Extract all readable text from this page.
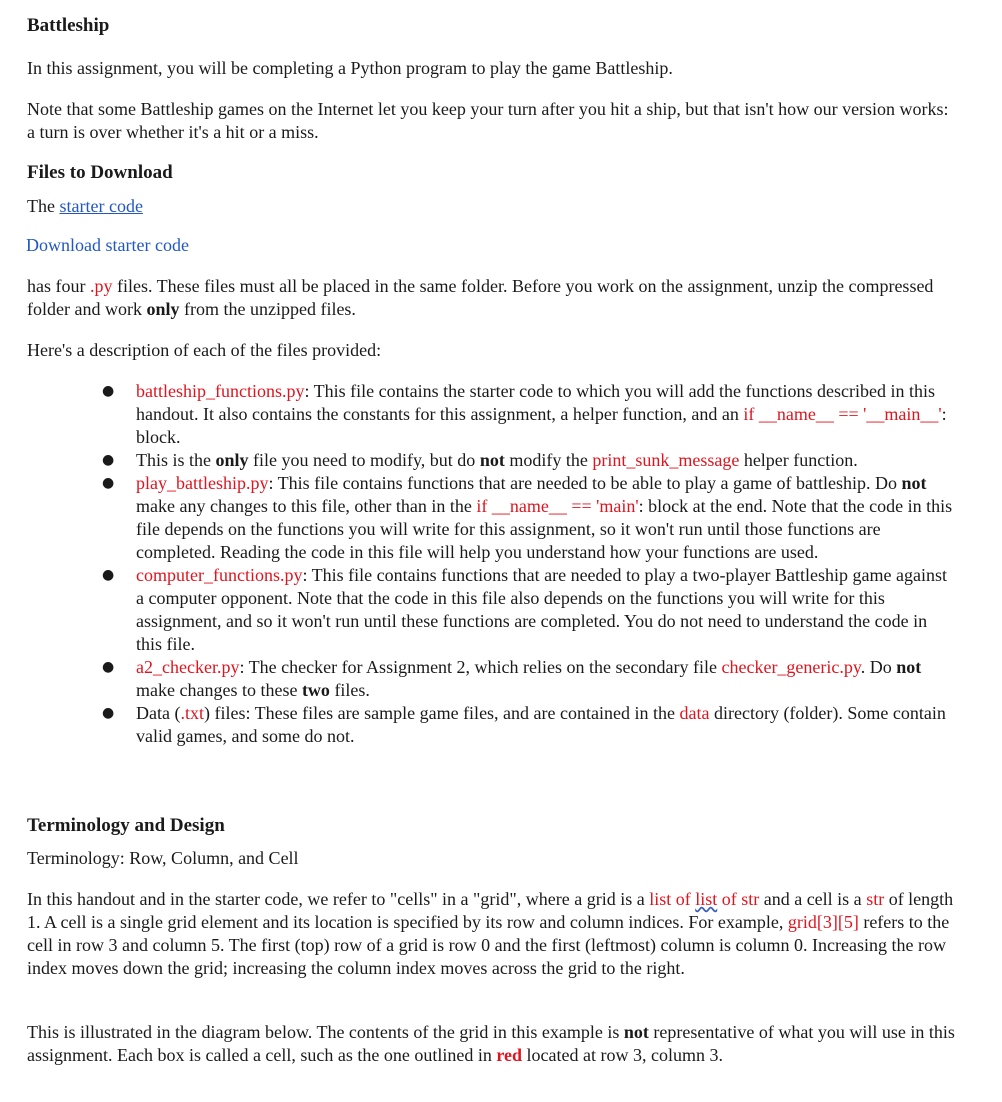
Battleship

In this assignment, you will be completing a Python program to play the game Battleship.

Note that some Battleship games on the Internet let you keep your turn after you hit a ship, but that isn't how our version works: a turn is over whether it's a hit or a miss.

Files to Download

The starter code

Download starter code

has four .py files. These files must all be placed in the same folder. Before you work on the assignment, unzip the compressed folder and work only from the unzipped files.

Here's a description of each of the files provided:

● battleship_functions.py: This file contains the starter code to which you will add the functions described in this handout. It also contains the constants for this assignment, a helper function, and an if __name__ == '__main__': block.
● This is the only file you need to modify, but do not modify the print_sunk_message helper function.
● play_battleship.py: This file contains functions that are needed to be able to play a game of battleship. Do not make any changes to this file, other than in the if __name__ == 'main': block at the end. Note that the code in this file depends on the functions you will write for this assignment, so it won't run until those functions are completed. Reading the code in this file will help you understand how your functions are used.
● computer_functions.py: This file contains functions that are needed to play a two-player Battleship game against a computer opponent. Note that the code in this file also depends on the functions you will write for this assignment, and so it won't run until these functions are completed. You do not need to understand the code in this file.
● a2_checker.py: The checker for Assignment 2, which relies on the secondary file checker_generic.py. Do not make changes to these two files.
● Data (.txt) files: These files are sample game files, and are contained in the data directory (folder). Some contain valid games, and some do not.
Terminology and Design

Terminology: Row, Column, and Cell

In this handout and in the starter code, we refer to "cells" in a "grid", where a grid is a list of list of str and a cell is a str of length 1. A cell is a single grid element and its location is specified by its row and column indices. For example, grid[3][5] refers to the cell in row 3 and column 5. The first (top) row of a grid is row 0 and the first (leftmost) column is column 0. Increasing the row index moves down the grid; increasing the column index moves across the grid to the right.

This is illustrated in the diagram below. The contents of the grid in this example is not representative of what you will use in this assignment. Each box is called a cell, such as the one outlined in red located at row 3, column 3.
